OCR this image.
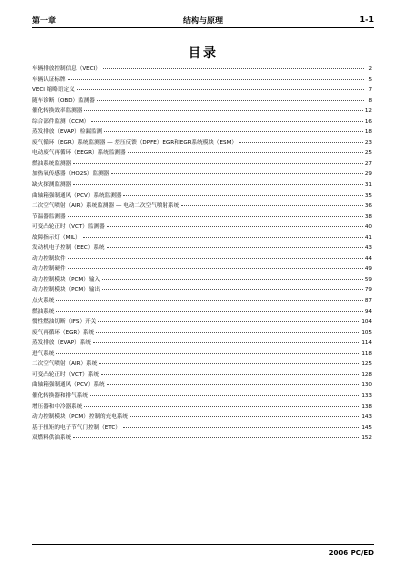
第一章	结构与原理	1-1
目录
车辆排放控制信息（VECI）	2
车辆认证标牌	5
VECI 缩略语定义	7
随车诊断（OBD）监测器	8
催化转换效率监测器	12
综合部件监测（CCM）	16
蒸发排放（EVAP）检漏监测	18
废气循环（EGR）系统监测器 — 差压反馈（DPFE）EGR和EGR系统模块（ESM）	23
电动废气再循环（EEGR）系统监测器	25
燃油系统监测器	27
加热氧传感器（HO2S）监测器	29
缺火探测监测器	31
曲轴箱强制通风（PCV）系统监测器	35
二次空气喷射（AIR）系统监测器 — 电动二次空气喷射系统	36
节温器监测器	38
可变凸轮正时（VCT）监测器	40
故障指示灯（MIL）	41
发动机电子控制（EEC）系统	43
动力控制软件	44
动力控制硬件	49
动力控制模块（PCM）输入	59
动力控制模块（PCM）输出	79
点火系统	87
燃油系统	94
惯性燃油切断（IFS）开关	104
废气再循环（EGR）系统	105
蒸发排放（EVAP）系统	114
进气系统	118
二次空气喷射（AIR）系统	125
可变凸轮正时（VCT）系统	128
曲轴箱强制通风（PCV）系统	130
催化转换器和排气系统	133
增压器和中冷器系统	138
动力控制模块（PCM）控制的充电系统	143
基于扭矩的电子节气门控制（ETC）	145
双燃料供油系统	152
2006 PC/ED
